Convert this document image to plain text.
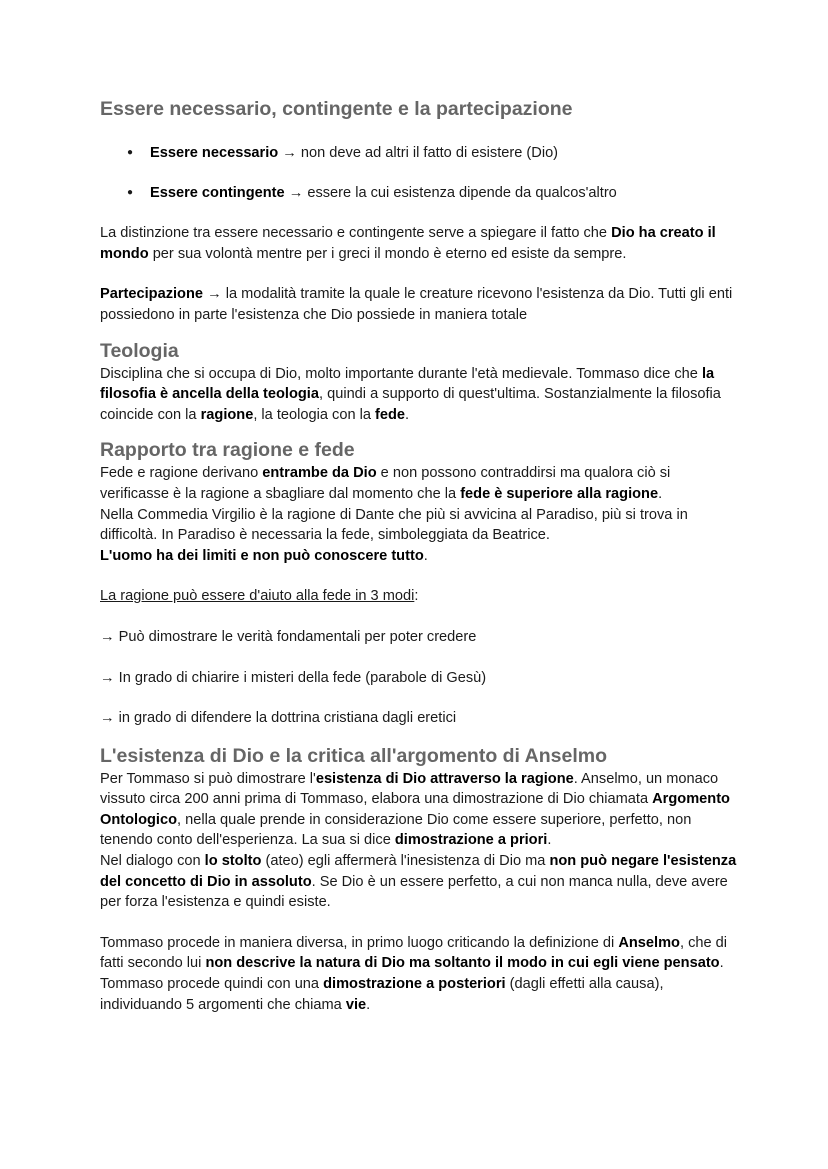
Essere necessario, contingente e la partecipazione
● Essere necessario → non deve ad altri il fatto di esistere (Dio)
● Essere contingente → essere la cui esistenza dipende da qualcos'altro

La distinzione tra essere necessario e contingente serve a spiegare il fatto che Dio ha creato il mondo per sua volontà mentre per i greci il mondo è eterno ed esiste da sempre.

Partecipazione → la modalità tramite la quale le creature ricevono l'esistenza da Dio. Tutti gli enti possiedono in parte l'esistenza che Dio possiede in maniera totale

Teologia

Disciplina che si occupa di Dio, molto importante durante l'età medievale. Tommaso dice che la filosofia è ancella della teologia, quindi a supporto di quest'ultima. Sostanzialmente la filosofia coincide con la ragione, la teologia con la fede.

Rapporto tra ragione e fede

Fede e ragione derivano entrambe da Dio e non possono contraddirsi ma qualora ciò si verificasse è la ragione a sbagliare dal momento che la fede è superiore alla ragione.

Nella Commedia Virgilio è la ragione di Dante che più si avvicina al Paradiso, più si trova in difficoltà. In Paradiso è necessaria la fede, simboleggiata da Beatrice.

L'uomo ha dei limiti e non può conoscere tutto.

La ragione può essere d'aiuto alla fede in 3 modi:

→ Può dimostrare le verità fondamentali per poter credere

→ In grado di chiarire i misteri della fede (parabole di Gesù)

→ in grado di difendere la dottrina cristiana dagli eretici

L'esistenza di Dio e la critica all'argomento di Anselmo

Per Tommaso si può dimostrare l'esistenza di Dio attraverso la ragione. Anselmo, un monaco vissuto circa 200 anni prima di Tommaso, elabora una dimostrazione di Dio chiamata Argomento Ontologico, nella quale prende in considerazione Dio come essere superiore, perfetto, non tenendo conto dell'esperienza. La sua si dice dimostrazione a priori.

Nel dialogo con lo stolto (ateo) egli affermerà l'inesistenza di Dio ma non può negare l'esistenza del concetto di Dio in assoluto. Se Dio è un essere perfetto, a cui non manca nulla, deve avere per forza l'esistenza e quindi esiste.

Tommaso procede in maniera diversa, in primo luogo criticando la definizione di Anselmo, che di fatti secondo lui non descrive la natura di Dio ma soltanto il modo in cui egli viene pensato. Tommaso procede quindi con una dimostrazione a posteriori (dagli effetti alla causa), individuando 5 argomenti che chiama vie.
